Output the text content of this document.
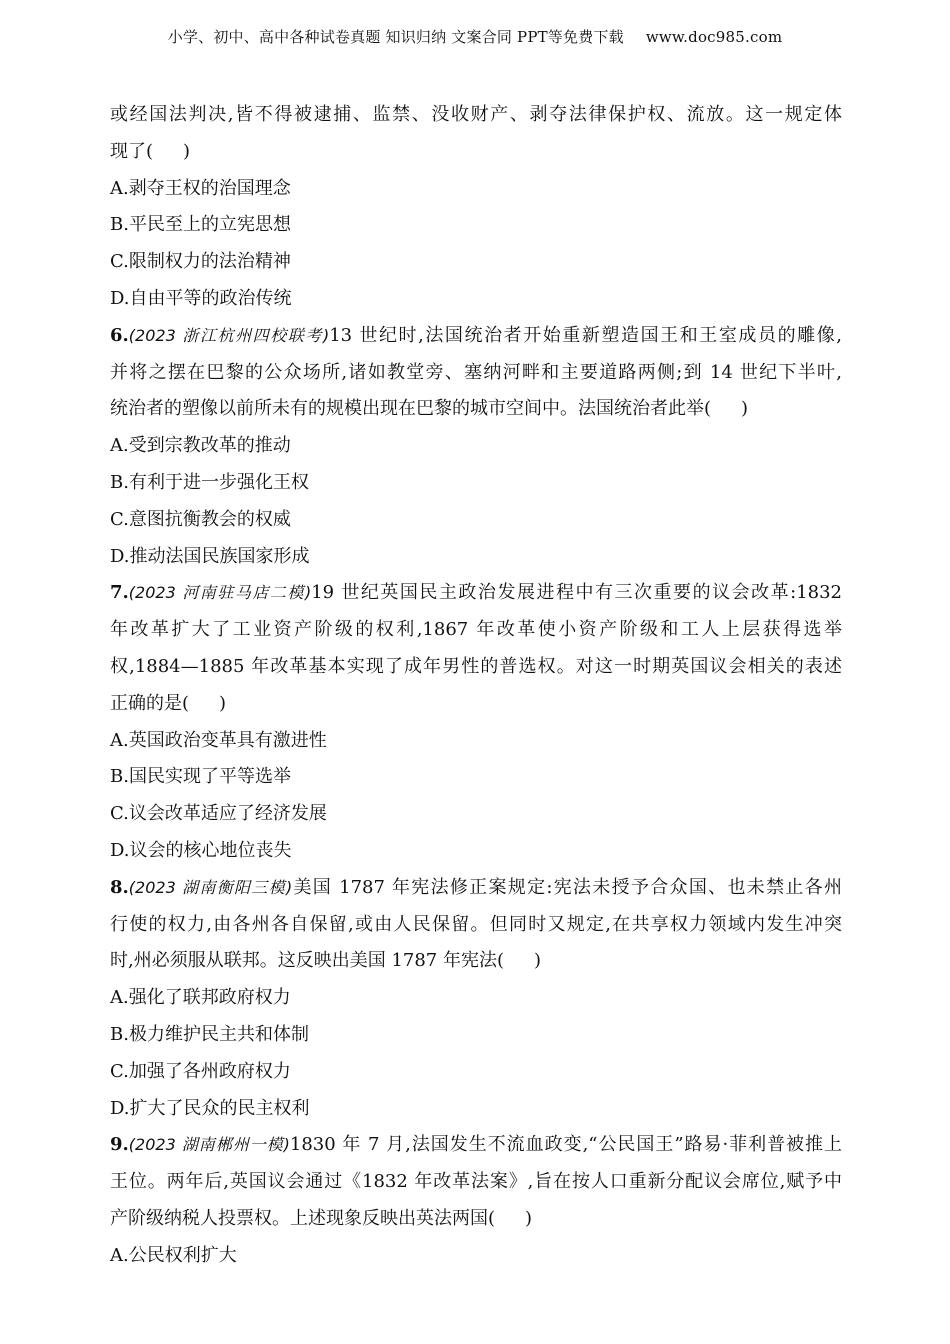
小学、初中、高中各种试卷真题 知识归纳 文案合同 PPT等免费下载 www.doc985.com
或经国法判决,皆不得被逮捕、监禁、没收财产、剥夺法律保护权、流放。这一规定体
现了( )
A.剥夺王权的治国理念
B.平民至上的立宪思想
C.限制权力的法治精神
D.自由平等的政治传统
6.(2023 浙江杭州四校联考)13 世纪时,法国统治者开始重新塑造国王和王室成员的雕像,
并将之摆在巴黎的公众场所,诸如教堂旁、塞纳河畔和主要道路两侧;到 14 世纪下半叶,
统治者的塑像以前所未有的规模出现在巴黎的城市空间中。法国统治者此举( )
A.受到宗教改革的推动
B.有利于进一步强化王权
C.意图抗衡教会的权威
D.推动法国民族国家形成
7.(2023 河南驻马店二模)19 世纪英国民主政治发展进程中有三次重要的议会改革:1832
年改革扩大了工业资产阶级的权利,1867 年改革使小资产阶级和工人上层获得选举
权,1884—1885 年改革基本实现了成年男性的普选权。对这一时期英国议会相关的表述
正确的是( )
A.英国政治变革具有激进性
B.国民实现了平等选举
C.议会改革适应了经济发展
D.议会的核心地位丧失
8.(2023 湖南衡阳三模)美国 1787 年宪法修正案规定:宪法未授予合众国、也未禁止各州
行使的权力,由各州各自保留,或由人民保留。但同时又规定,在共享权力领域内发生冲突
时,州必须服从联邦。这反映出美国 1787 年宪法( )
A.强化了联邦政府权力
B.极力维护民主共和体制
C.加强了各州政府权力
D.扩大了民众的民主权利
9.(2023 湖南郴州一模)1830 年 7 月,法国发生不流血政变,“公民国王”路易·菲利普被推上
王位。两年后,英国议会通过《1832 年改革法案》,旨在按人口重新分配议会席位,赋予中
产阶级纳税人投票权。上述现象反映出英法两国( )
A.公民权利扩大
